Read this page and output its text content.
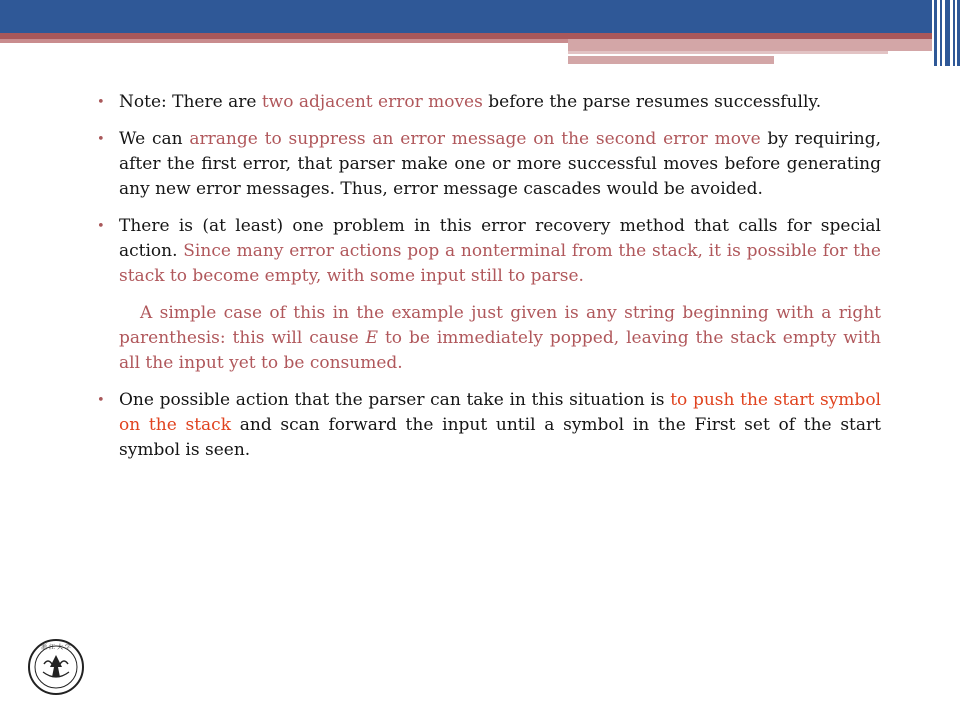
• Note: There are two adjacent error moves before the parse resumes successfully.

• We can arrange to suppress an error message on the second error move by requiring, after the first error, that parser make one or more successful moves before generating any new error messages. Thus, error message cascades would be avoided.

• There is (at least) one problem in this error recovery method that calls for special action. Since many error actions pop a nonterminal from the stack, it is possible for the stack to become empty, with some input still to parse.

A simple case of this in the example just given is any string beginning with a right parenthesis: this will cause E to be immediately popped, leaving the stack empty with all the input yet to be consumed.

• One possible action that the parser can take in this situation is to push the start symbol on the stack and scan forward the input until a symbol in the First set of the start symbol is seen.

浙 江 大 学
